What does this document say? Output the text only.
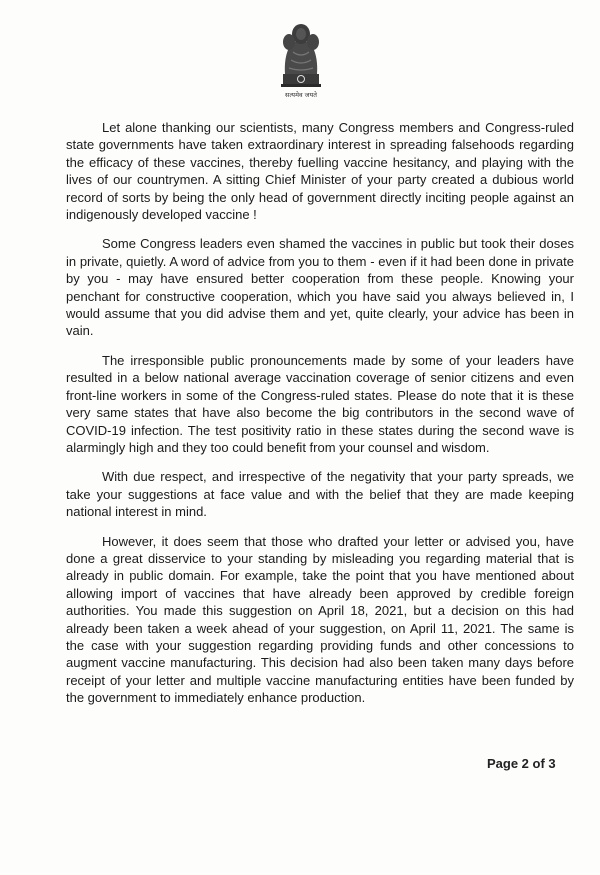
सत्यमेव जयते

Let alone thanking our scientists, many Congress members and Congress-ruled state governments have taken extraordinary interest in spreading falsehoods regarding the efficacy of these vaccines, thereby fuelling vaccine hesitancy, and playing with the lives of our countrymen. A sitting Chief Minister of your party created a dubious world record of sorts by being the only head of government directly inciting people against an indigenously developed vaccine !

Some Congress leaders even shamed the vaccines in public but took their doses in private, quietly. A word of advice from you to them - even if it had been done in private by you - may have ensured better cooperation from these people. Knowing your penchant for constructive cooperation, which you have said you always believed in, I would assume that you did advise them and yet, quite clearly, your advice has been in vain.

The irresponsible public pronouncements made by some of your leaders have resulted in a below national average vaccination coverage of senior citizens and even front-line workers in some of the Congress-ruled states. Please do note that it is these very same states that have also become the big contributors in the second wave of COVID-19 infection. The test positivity ratio in these states during the second wave is alarmingly high and they too could benefit from your counsel and wisdom.

With due respect, and irrespective of the negativity that your party spreads, we take your suggestions at face value and with the belief that they are made keeping national interest in mind.

However, it does seem that those who drafted your letter or advised you, have done a great disservice to your standing by misleading you regarding material that is already in public domain. For example, take the point that you have mentioned about allowing import of vaccines that have already been approved by credible foreign authorities. You made this suggestion on April 18, 2021, but a decision on this had already been taken a week ahead of your suggestion, on April 11, 2021. The same is the case with your suggestion regarding providing funds and other concessions to augment vaccine manufacturing. This decision had also been taken many days before receipt of your letter and multiple vaccine manufacturing entities have been funded by the government to immediately enhance production.

Page 2 of 3
